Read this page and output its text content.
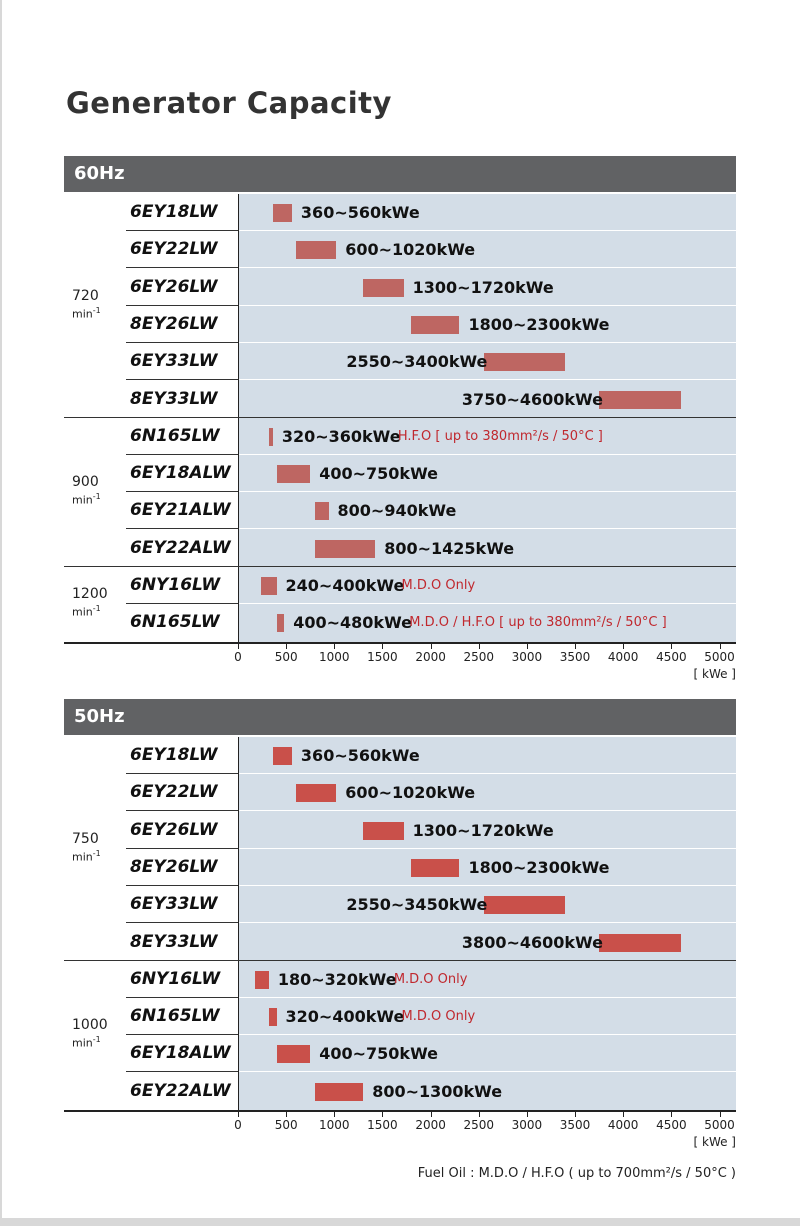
Generator Capacity
60Hz
720
$\min^{-1}$
6EY18LW	360~560kWe
6EY22LW	600~1020kWe
6EY26LW	1300~1720kWe
8EY26LW	1800~2300kWe
6EY33LW	2550~3400kWe
8EY33LW	3750~4600kWe
900
$\min^{-1}$
6N165LW	320~360kWe
H.F.O [ up to 380mm²/s / 50°C ]
6EY18ALW	400~750kWe
6EY21ALW	800~940kWe
6EY22ALW	800~1425kWe
1200
$\min^{-1}$
6NY16LW	240~400kWe
M.D.O Only
6N165LW	400~480kWe
M.D.O / H.F.O [ up to 380mm²/s / 50°C ]
0	500	1000	1500	2000	2500	3000	3500	4000	4500	5000
[ kWe ]
50Hz
750
$\min^{-1}$
6EY18LW	360~560kWe
6EY22LW	600~1020kWe
6EY26LW	1300~1720kWe
8EY26LW	1800~2300kWe
6EY33LW	2550~3450kWe
8EY33LW	3800~4600kWe
1000
$\min^{-1}$
6NY16LW	180~320kWe
M.D.O Only
6N165LW	320~400kWe
M.D.O Only
6EY18ALW	400~750kWe
6EY22ALW	800~1300kWe
0	500	1000	1500	2000	2500	3000	3500	4000	4500	5000
[ kWe ]
Fuel Oil : M.D.O / H.F.O ( up to 700mm²/s / 50°C )
